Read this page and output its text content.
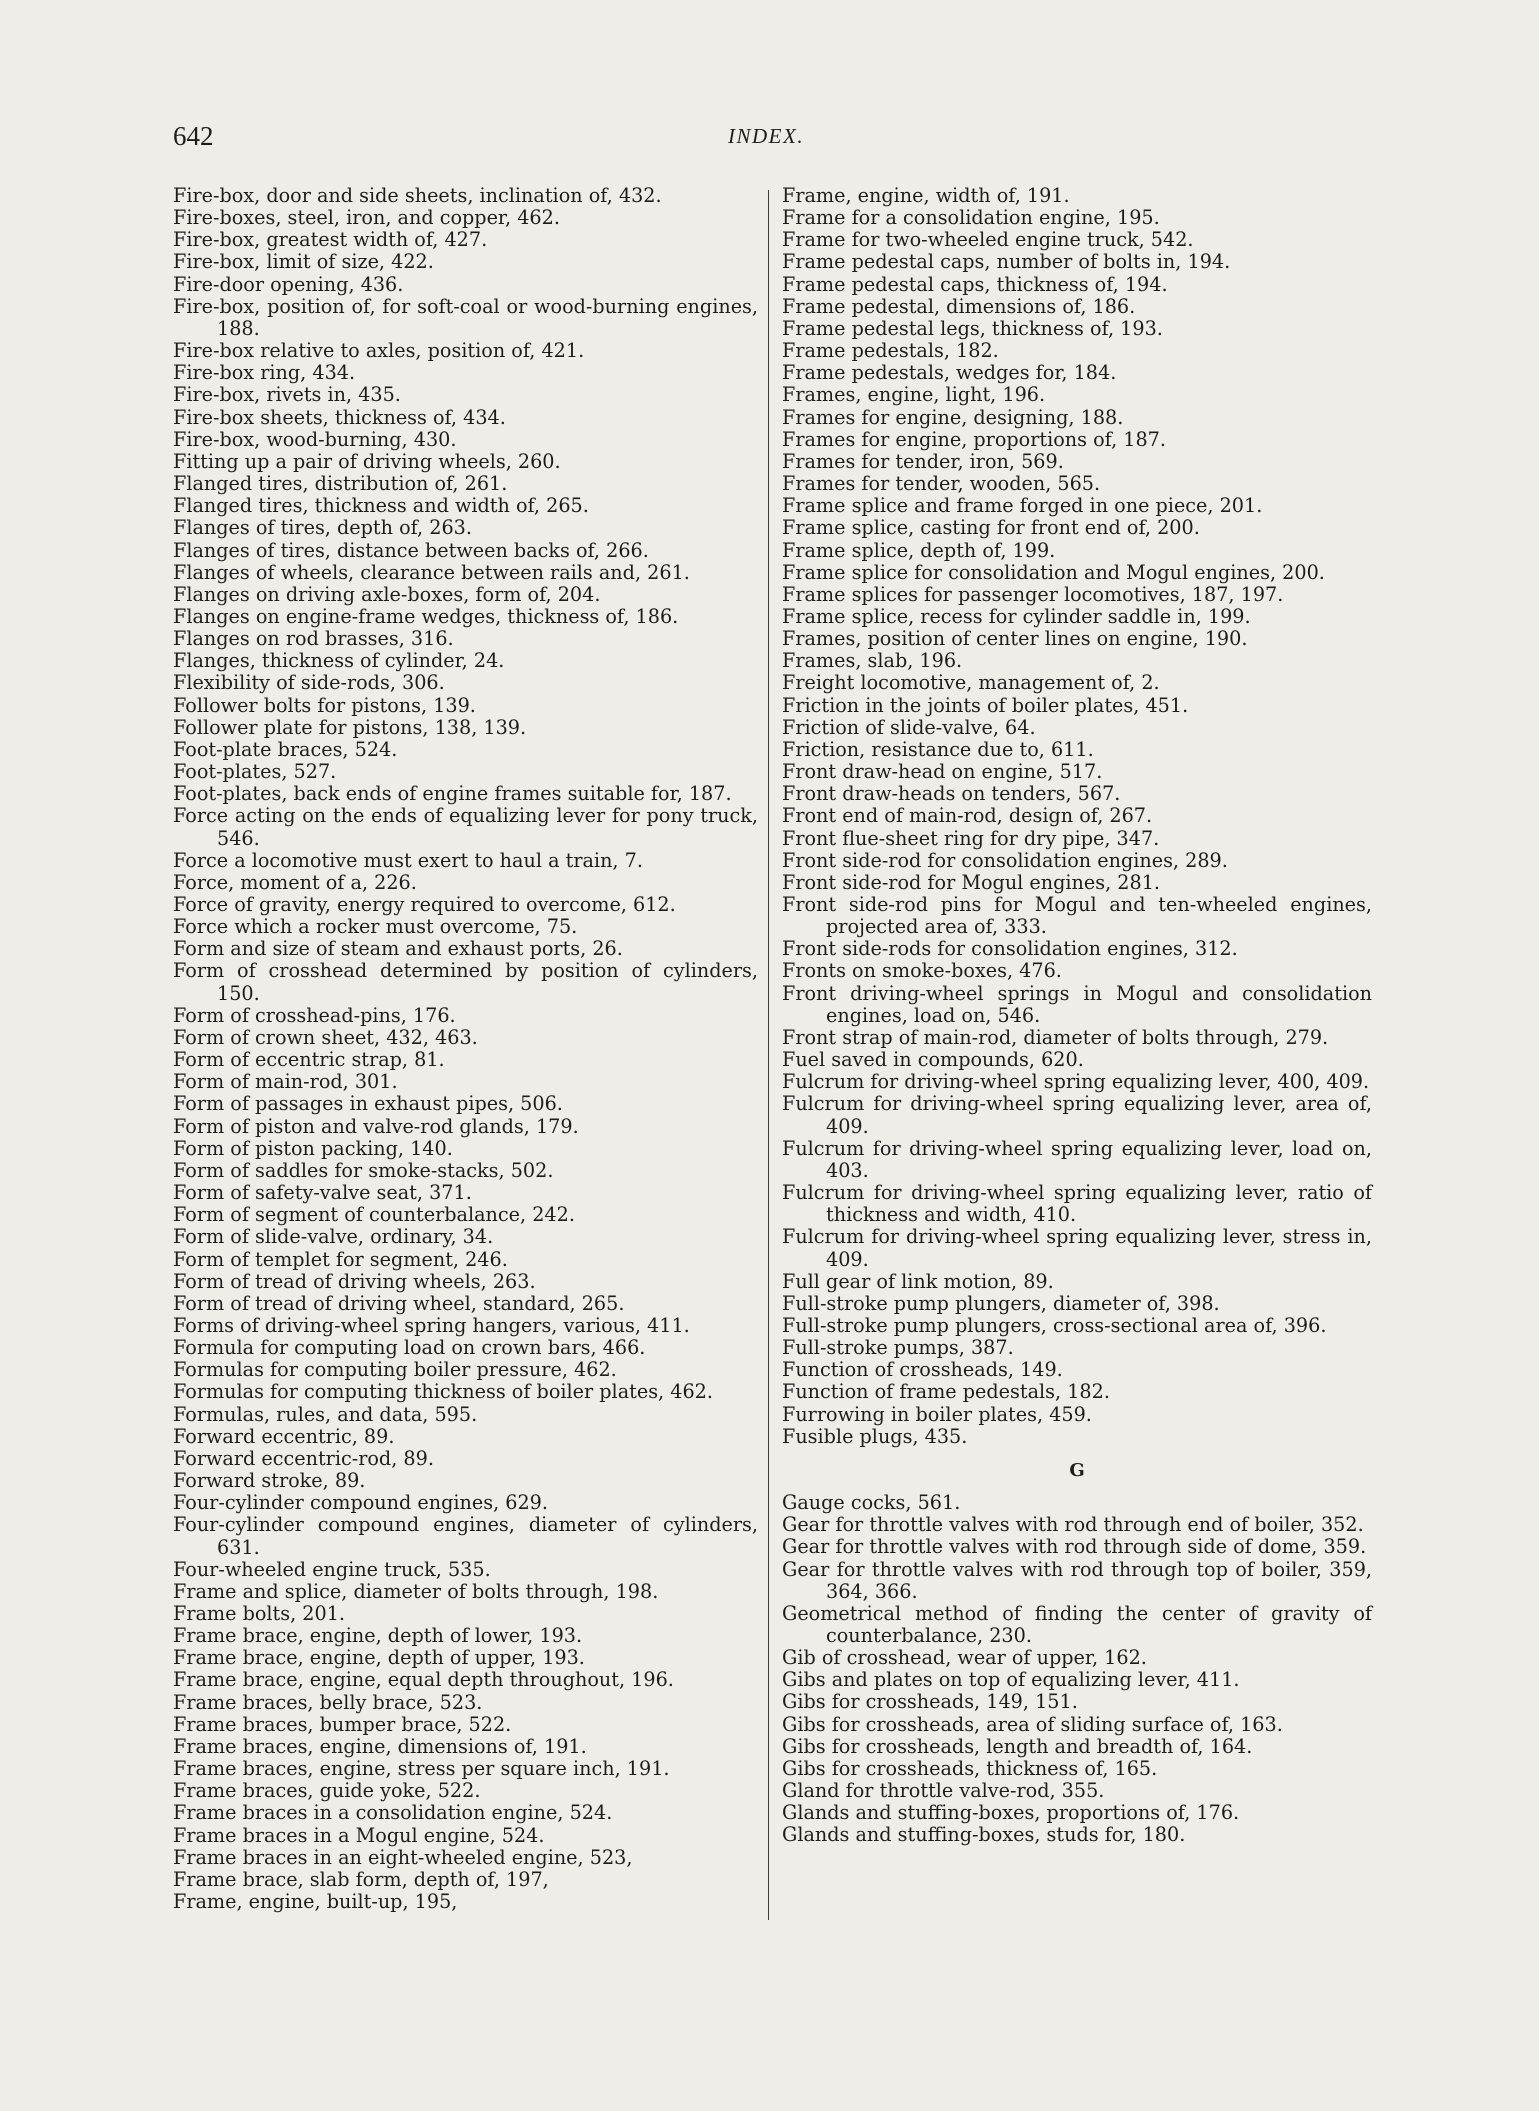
642	INDEX.
Fire-box, door and side sheets, inclination of, 432.
Fire-boxes, steel, iron, and copper, 462.
Fire-box, greatest width of, 427.
Fire-box, limit of size, 422.
Fire-door opening, 436.
Fire-box, position of, for soft-coal or wood-burning engines, 188.
Fire-box relative to axles, position of, 421.
Fire-box ring, 434.
Fire-box, rivets in, 435.
Fire-box sheets, thickness of, 434.
Fire-box, wood-burning, 430.
Fitting up a pair of driving wheels, 260.
Flanged tires, distribution of, 261.
Flanged tires, thickness and width of, 265.
Flanges of tires, depth of, 263.
Flanges of tires, distance between backs of, 266.
Flanges of wheels, clearance between rails and, 261.
Flanges on driving axle-boxes, form of, 204.
Flanges on engine-frame wedges, thickness of, 186.
Flanges on rod brasses, 316.
Flanges, thickness of cylinder, 24.
Flexibility of side-rods, 306.
Follower bolts for pistons, 139.
Follower plate for pistons, 138, 139.
Foot-plate braces, 524.
Foot-plates, 527.
Foot-plates, back ends of engine frames suitable for, 187.
Force acting on the ends of equalizing lever for pony truck, 546.
Force a locomotive must exert to haul a train, 7.
Force, moment of a, 226.
Force of gravity, energy required to overcome, 612.
Force which a rocker must overcome, 75.
Form and size of steam and exhaust ports, 26.
Form of crosshead determined by position of cylinders, 150.
Form of crosshead-pins, 176.
Form of crown sheet, 432, 463.
Form of eccentric strap, 81.
Form of main-rod, 301.
Form of passages in exhaust pipes, 506.
Form of piston and valve-rod glands, 179.
Form of piston packing, 140.
Form of saddles for smoke-stacks, 502.
Form of safety-valve seat, 371.
Form of segment of counterbalance, 242.
Form of slide-valve, ordinary, 34.
Form of templet for segment, 246.
Form of tread of driving wheels, 263.
Form of tread of driving wheel, standard, 265.
Forms of driving-wheel spring hangers, various, 411.
Formula for computing load on crown bars, 466.
Formulas for computing boiler pressure, 462.
Formulas for computing thickness of boiler plates, 462.
Formulas, rules, and data, 595.
Forward eccentric, 89.
Forward eccentric-rod, 89.
Forward stroke, 89.
Four-cylinder compound engines, 629.
Four-cylinder compound engines, diameter of cylinders, 631.
Four-wheeled engine truck, 535.
Frame and splice, diameter of bolts through, 198.
Frame bolts, 201.
Frame brace, engine, depth of lower, 193.
Frame brace, engine, depth of upper, 193.
Frame brace, engine, equal depth throughout, 196.
Frame braces, belly brace, 523.
Frame braces, bumper brace, 522.
Frame braces, engine, dimensions of, 191.
Frame braces, engine, stress per square inch, 191.
Frame braces, guide yoke, 522.
Frame braces in a consolidation engine, 524.
Frame braces in a Mogul engine, 524.
Frame braces in an eight-wheeled engine, 523,
Frame brace, slab form, depth of, 197,
Frame, engine, built-up, 195,
Frame, engine, width of, 191.
Frame for a consolidation engine, 195.
Frame for two-wheeled engine truck, 542.
Frame pedestal caps, number of bolts in, 194.
Frame pedestal caps, thickness of, 194.
Frame pedestal, dimensions of, 186.
Frame pedestal legs, thickness of, 193.
Frame pedestals, 182.
Frame pedestals, wedges for, 184.
Frames, engine, light, 196.
Frames for engine, designing, 188.
Frames for engine, proportions of, 187.
Frames for tender, iron, 569.
Frames for tender, wooden, 565.
Frame splice and frame forged in one piece, 201.
Frame splice, casting for front end of, 200.
Frame splice, depth of, 199.
Frame splice for consolidation and Mogul engines, 200.
Frame splices for passenger locomotives, 187, 197.
Frame splice, recess for cylinder saddle in, 199.
Frames, position of center lines on engine, 190.
Frames, slab, 196.
Freight locomotive, management of, 2.
Friction in the joints of boiler plates, 451.
Friction of slide-valve, 64.
Friction, resistance due to, 611.
Front draw-head on engine, 517.
Front draw-heads on tenders, 567.
Front end of main-rod, design of, 267.
Front flue-sheet ring for dry pipe, 347.
Front side-rod for consolidation engines, 289.
Front side-rod for Mogul engines, 281.
Front side-rod pins for Mogul and ten-wheeled engines, projected area of, 333.
Front side-rods for consolidation engines, 312.
Fronts on smoke-boxes, 476.
Front driving-wheel springs in Mogul and consolidation engines, load on, 546.
Front strap of main-rod, diameter of bolts through, 279.
Fuel saved in compounds, 620.
Fulcrum for driving-wheel spring equalizing lever, 400, 409.
Fulcrum for driving-wheel spring equalizing lever, area of, 409.
Fulcrum for driving-wheel spring equalizing lever, load on, 403.
Fulcrum for driving-wheel spring equalizing lever, ratio of thickness and width, 410.
Fulcrum for driving-wheel spring equalizing lever, stress in, 409.
Full gear of link motion, 89.
Full-stroke pump plungers, diameter of, 398.
Full-stroke pump plungers, cross-sectional area of, 396.
Full-stroke pumps, 387.
Function of crossheads, 149.
Function of frame pedestals, 182.
Furrowing in boiler plates, 459.
Fusible plugs, 435.
G
Gauge cocks, 561.
Gear for throttle valves with rod through end of boiler, 352.
Gear for throttle valves with rod through side of dome, 359.
Gear for throttle valves with rod through top of boiler, 359, 364, 366.
Geometrical method of finding the center of gravity of counterbalance, 230.
Gib of crosshead, wear of upper, 162.
Gibs and plates on top of equalizing lever, 411.
Gibs for crossheads, 149, 151.
Gibs for crossheads, area of sliding surface of, 163.
Gibs for crossheads, length and breadth of, 164.
Gibs for crossheads, thickness of, 165.
Gland for throttle valve-rod, 355.
Glands and stuffing-boxes, proportions of, 176.
Glands and stuffing-boxes, studs for, 180.
